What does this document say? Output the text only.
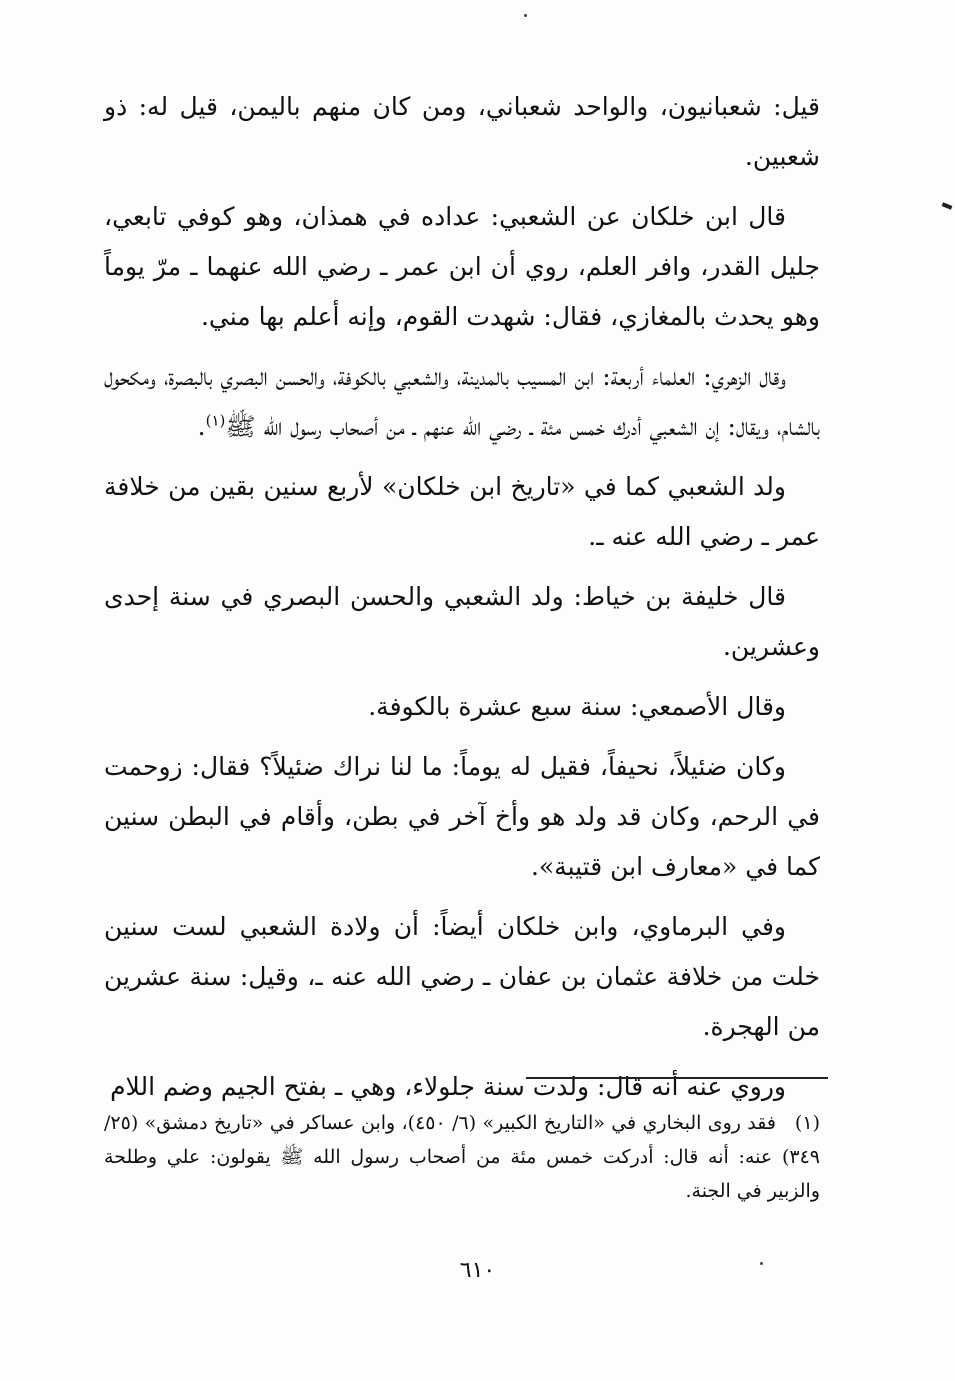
قيل: شعبانيون، والواحد شعباني، ومن كان منهم باليمن، قيل له: ذو شعبين.

قال ابن خلكان عن الشعبي: عداده في همذان، وهو كوفي تابعي، جليل القدر، وافر العلم، روي أن ابن عمر ـ رضي الله عنهما ـ مرّ يوماً وهو يحدث بالمغازي، فقال: شهدت القوم، وإنه أعلم بها مني.

وقال الزهري: العلماء أربعة: ابن المسيب بالمدينة، والشعبي بالكوفة، والحسن البصري بالبصرة، ومكحول بالشام، ويقال: إن الشعبي أدرك خمس مئة ـ رضي الله عنهم ـ من أصحاب رسول الله ﷺ$^{(١)}$.

ولد الشعبي كما في «تاريخ ابن خلكان» لأربع سنين بقين من خلافة عمر ـ رضي الله عنه ـ.

قال خليفة بن خياط: ولد الشعبي والحسن البصري في سنة إحدى وعشرين.

وقال الأصمعي: سنة سبع عشرة بالكوفة.

وكان ضئيلاً، نحيفاً، فقيل له يوماً: ما لنا نراك ضئيلاً؟ فقال: زوحمت في الرحم، وكان قد ولد هو وأخ آخر في بطن، وأقام في البطن سنين كما في «معارف ابن قتيبة».

وفي البرماوي، وابن خلكان أيضاً: أن ولادة الشعبي لست سنين خلت من خلافة عثمان بن عفان ـ رضي الله عنه ـ، وقيل: سنة عشرين من الهجرة.

وروي عنه أنه قال: ولدت سنة جلولاء، وهي ـ بفتح الجيم وضم اللام

(١)فقد روى البخاري في «التاريخ الكبير» (٦/ ٤٥٠)، وابن عساكر في «تاريخ دمشق» (٢٥/ ٣٤٩) عنه: أنه قال: أدركت خمس مئة من أصحاب رسول الله ﷺ يقولون: علي وطلحة والزبير في الجنة.

٦١٠
